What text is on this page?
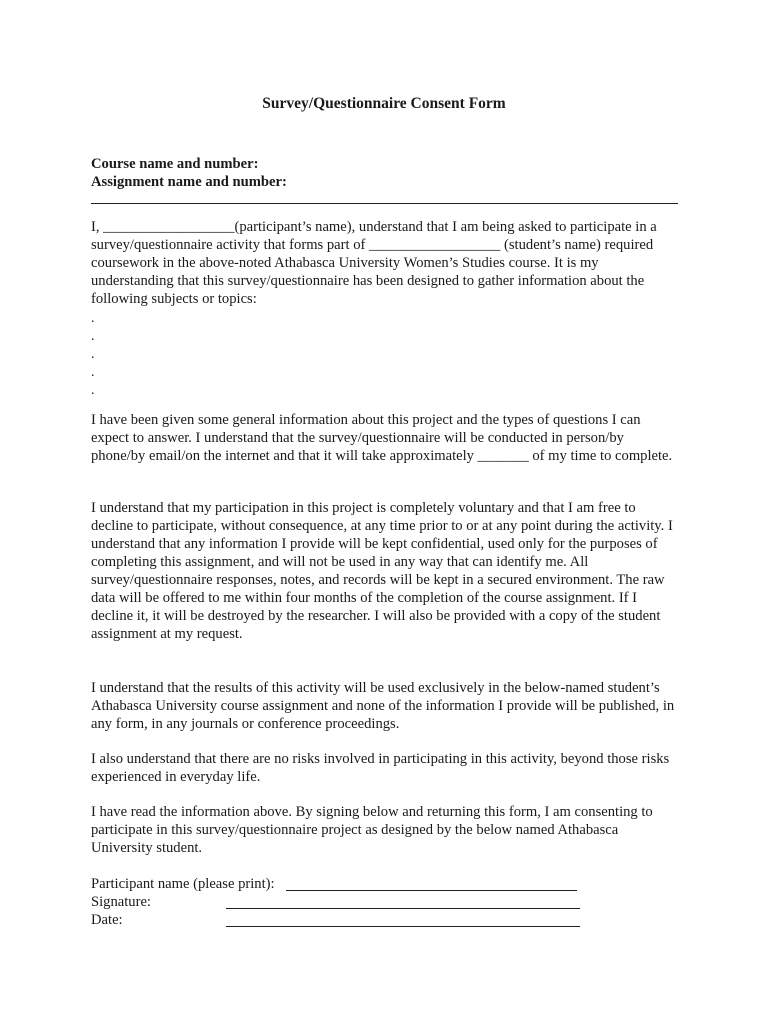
Survey/Questionnaire Consent Form
Course name and number:
Assignment name and number:

I, __________________(participant’s name), understand that I am being asked to participate in a survey/questionnaire activity that forms part of __________________ (student’s name) required coursework in the above-noted Athabasca University Women’s Studies course. It is my understanding that this survey/questionnaire has been designed to gather information about the following subjects or topics:

.
.
.
.
.

I have been given some general information about this project and the types of questions I can expect to answer. I understand that the survey/questionnaire will be conducted in person/by phone/by email/on the internet and that it will take approximately _______ of my time to complete.

I understand that my participation in this project is completely voluntary and that I am free to decline to participate, without consequence, at any time prior to or at any point during the activity. I understand that any information I provide will be kept confidential, used only for the purposes of completing this assignment, and will not be used in any way that can identify me. All survey/questionnaire responses, notes, and records will be kept in a secured environment. The raw data will be offered to me within four months of the completion of the course assignment. If I decline it, it will be destroyed by the researcher. I will also be provided with a copy of the student assignment at my request.

I understand that the results of this activity will be used exclusively in the below-named student’s Athabasca University course assignment and none of the information I provide will be published, in any form, in any journals or conference proceedings.

I also understand that there are no risks involved in participating in this activity, beyond those risks experienced in everyday life.

I have read the information above. By signing below and returning this form, I am consenting to participate in this survey/questionnaire project as designed by the below named Athabasca University student.

Participant name (please print):
Signature:
Date:
